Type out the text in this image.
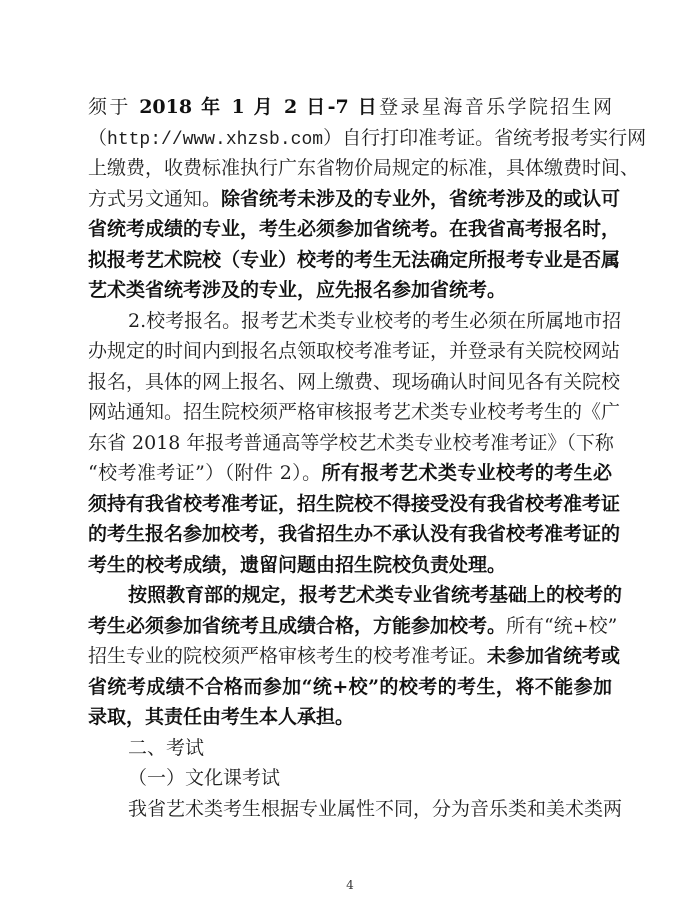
须于 2018 年 1 月 2 日-7 日登录星海音乐学院招生网
（http://www.xhzsb.com）自行打印准考证。省统考报考实行网
上缴费，收费标准执行广东省物价局规定的标准，具体缴费时间、
方式另文通知。除省统考未涉及的专业外，省统考涉及的或认可
省统考成绩的专业，考生必须参加省统考。在我省高考报名时，
拟报考艺术院校（专业）校考的考生无法确定所报考专业是否属
艺术类省统考涉及的专业，应先报名参加省统考。
2.校考报名。报考艺术类专业校考的考生必须在所属地市招
办规定的时间内到报名点领取校考准考证，并登录有关院校网站
报名，具体的网上报名、网上缴费、现场确认时间见各有关院校
网站通知。招生院校须严格审核报考艺术类专业校考考生的《广
东省 2018 年报考普通高等学校艺术类专业校考准考证》（下称
“校考准考证”）（附件 2）。所有报考艺术类专业校考的考生必
须持有我省校考准考证，招生院校不得接受没有我省校考准考证
的考生报名参加校考，我省招生办不承认没有我省校考准考证的
考生的校考成绩，遗留问题由招生院校负责处理。
按照教育部的规定，报考艺术类专业省统考基础上的校考的
考生必须参加省统考且成绩合格，方能参加校考。所有“统+校”
招生专业的院校须严格审核考生的校考准考证。未参加省统考或
省统考成绩不合格而参加“统+校”的校考的考生，将不能参加
录取，其责任由考生本人承担。
二、考试
（一）文化课考试
我省艺术类考生根据专业属性不同，分为音乐类和美术类两
4
